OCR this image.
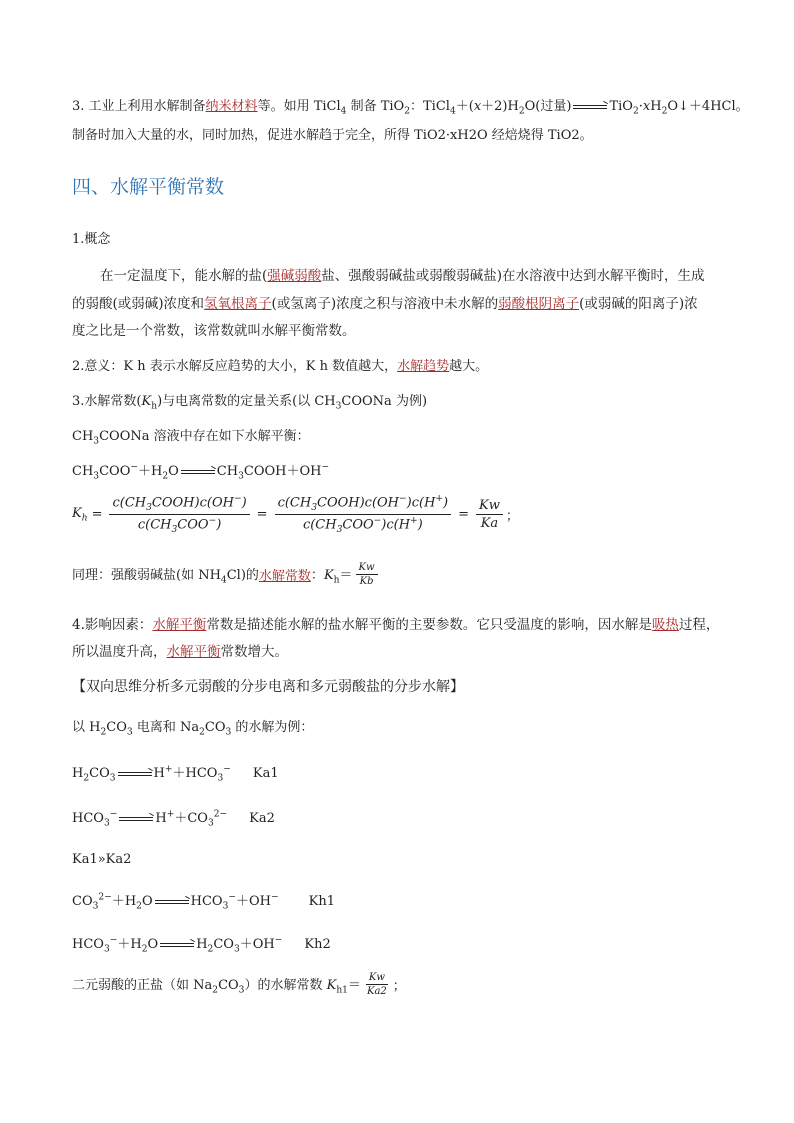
3. 工业上利用水解制备纳米材料等。如用 TiCl$_4$ 制备 TiO$_2$：$TiCl_4+(x+2)H_2O$(过量) → $TiO_2\cdot xH_2O↓+4HCl$。
制备时加入大量的水，同时加热，促进水解趋于完全，所得 TiO2·xH2O 经焙烧得 TiO2。
四、水解平衡常数
1.概念
在一定温度下，能水解的盐(强碱弱酸盐、强酸弱碱盐或弱酸弱碱盐)在水溶液中达到水解平衡时，生成
的弱酸(或弱碱)浓度和氢氧根离子(或氢离子)浓度之积与溶液中未水解的弱酸根阴离子(或弱碱的阳离子)浓
度之比是一个常数，该常数就叫水解平衡常数。
2.意义：K h 表示水解反应趋势的大小，K h 数值越大，水解趋势越大。
3.水解常数$(K_h)$与电离常数的定量关系(以 $CH_3COONa$ 为例)
$CH_3COONa$ 溶液中存在如下水解平衡：
$CH_3COO^-+H_2O$ → $CH_3COOH+OH^-$
$K_h = \frac{c(CH_3COOH)c(OH^-)}{c(CH_3COO^-)} = \frac{c(CH_3COOH)c(OH^-)c(H^+)}{c(CH_3COO^-)c(H^+)} = \frac{Kw}{Ka}$ ；
同理：强酸弱碱盐(如 $NH_4Cl$)的 水解常数 ：$K_h= \frac{Kw}{Kb}$
4.影响因素：水解平衡常数是描述能水解的盐水解平衡的主要参数。它只受温度的影响，因水解是吸热过程，
所以温度升高，水解平衡常数增大。
【双向思维分析多元弱酸的分步电离和多元弱酸盐的分步水解】
以 $H_2CO_3$ 电离和 $Na_2CO_3$ 的水解为例：
$H_2CO_3 \to H^++HCO_3^-$ Ka1
$HCO_3^- \to H^++CO_3^{2-}$ Ka2
Ka1»Ka2
$CO_3^{2-}+H_2O \to HCO_3^-+OH^-$ Kh1
$HCO_3^-+H_2O \to H_2CO_3+OH^-$ Kh2
二元弱酸的正盐（如 $Na_2CO_3$）的水解常数 $K_{h1}= \frac{Kw}{Ka2}$ ；
